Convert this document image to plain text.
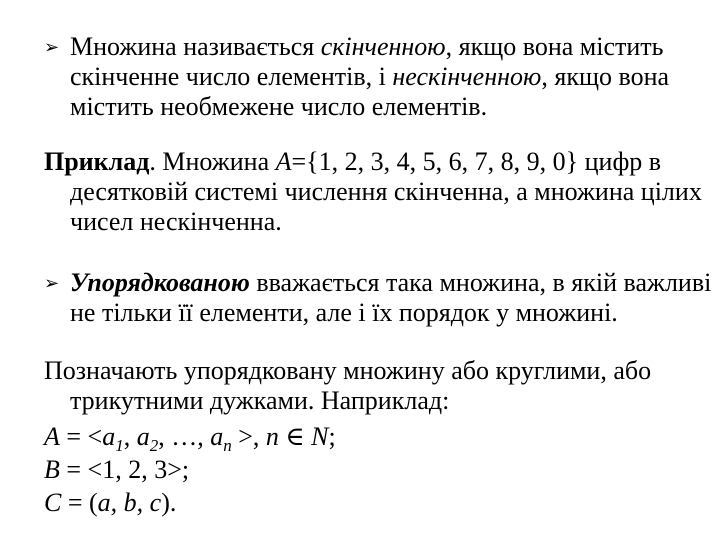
➢ Множина називається скінченною, якщо вона містить скінченне число елементів, і нескінченною, якщо вона містить необмежене число елементів.

Приклад. Множина A={1, 2, 3, 4, 5, 6, 7, 8, 9, 0} цифр в десятковій системі числення скінченна, а множина цілих чисел нескінченна.

➢ Упорядкованою вважається така множина, в якій важливі не тільки її елементи, але і їх порядок у множині.

Позначають упорядковану множину або круглими, або трикутними дужками. Наприклад:

$A = <a_1$, $a_2$, …, $a_n$ >, n ∈ N;

B = <1, 2, 3>;

C = (a, b, c).
